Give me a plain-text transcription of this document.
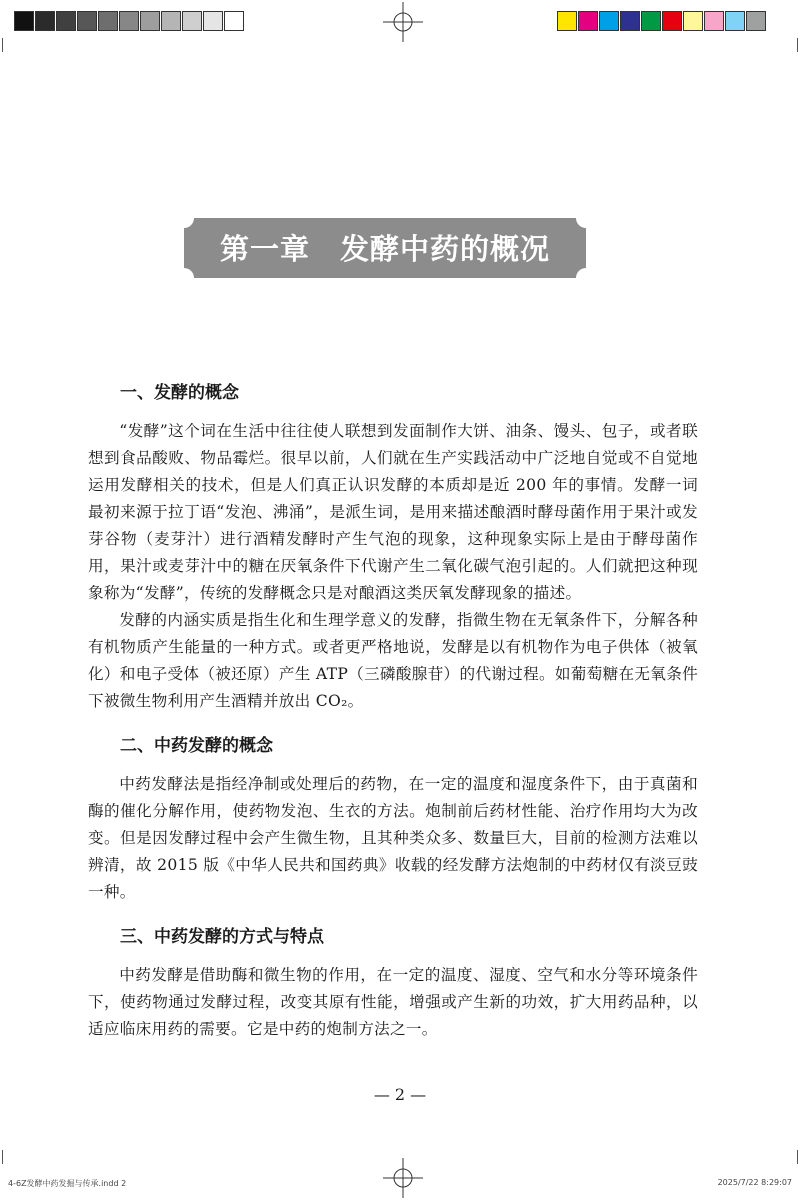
第一章　发酵中药的概况
一、发酵的概念

“发酵”这个词在生活中往往使人联想到发面制作大饼、油条、馒头、包子，或者联想到食品酸败、物品霉烂。很早以前，人们就在生产实践活动中广泛地自觉或不自觉地运用发酵相关的技术，但是人们真正认识发酵的本质却是近 200 年的事情。发酵一词最初来源于拉丁语“发泡、沸涌”，是派生词，是用来描述酿酒时酵母菌作用于果汁或发芽谷物（麦芽汁）进行酒精发酵时产生气泡的现象，这种现象实际上是由于酵母菌作用，果汁或麦芽汁中的糖在厌氧条件下代谢产生二氧化碳气泡引起的。人们就把这种现象称为“发酵”，传统的发酵概念只是对酿酒这类厌氧发酵现象的描述。

发酵的内涵实质是指生化和生理学意义的发酵，指微生物在无氧条件下，分解各种有机物质产生能量的一种方式。或者更严格地说，发酵是以有机物作为电子供体（被氧化）和电子受体（被还原）产生 ATP（三磷酸腺苷）的代谢过程。如葡萄糖在无氧条件下被微生物利用产生酒精并放出 CO₂。

二、中药发酵的概念

中药发酵法是指经净制或处理后的药物，在一定的温度和湿度条件下，由于真菌和酶的催化分解作用，使药物发泡、生衣的方法。炮制前后药材性能、治疗作用均大为改变。但是因发酵过程中会产生微生物，且其种类众多、数量巨大，目前的检测方法难以辨清，故 2015 版《中华人民共和国药典》收载的经发酵方法炮制的中药材仅有淡豆豉一种。

三、中药发酵的方式与特点

中药发酵是借助酶和微生物的作用，在一定的温度、湿度、空气和水分等环境条件下，使药物通过发酵过程，改变其原有性能，增强或产生新的功效，扩大用药品种，以适应临床用药的需要。它是中药的炮制方法之一。

— 2 —
4-6Z发酵中药发掘与传承.indd 2	2025/7/22 8:29:07
